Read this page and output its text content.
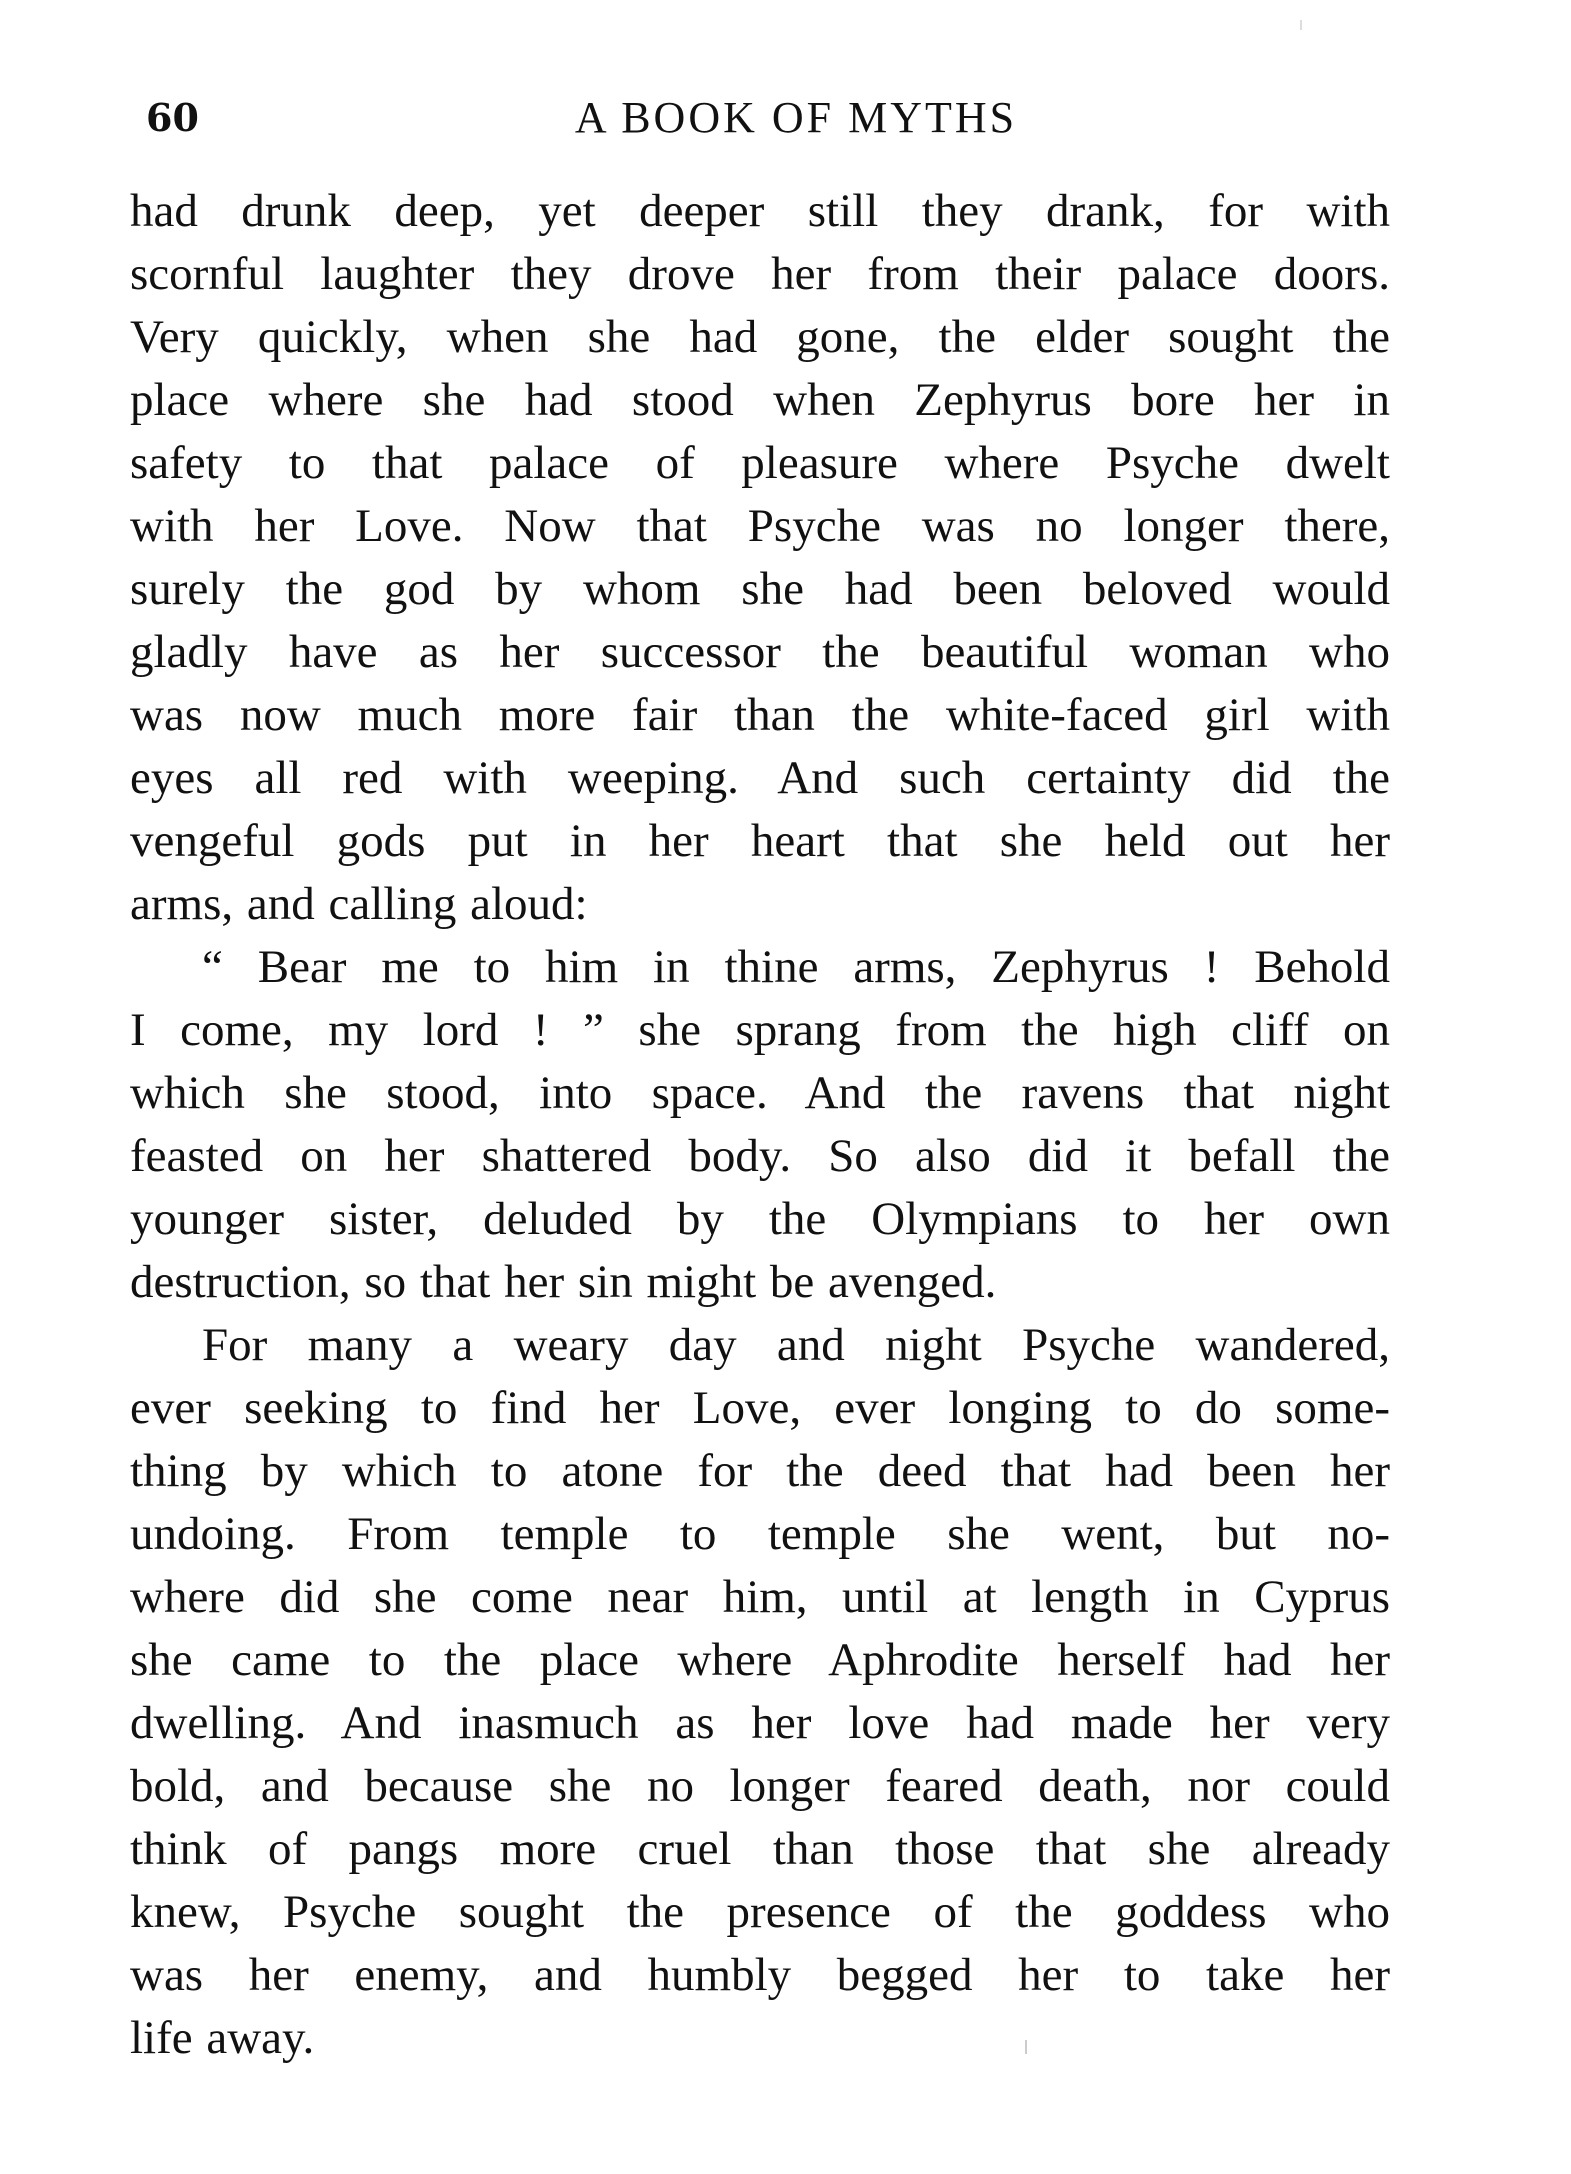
60	A BOOK OF MYTHS
had drunk deep, yet deeper still they drank, for with
scornful laughter they drove her from their palace doors.
Very quickly, when she had gone, the elder sought the
place where she had stood when Zephyrus bore her in
safety to that palace of pleasure where Psyche dwelt
with her Love. Now that Psyche was no longer there,
surely the god by whom she had been beloved would
gladly have as her successor the beautiful woman who
was now much more fair than the white-faced girl with
eyes all red with weeping. And such certainty did the
vengeful gods put in her heart that she held out her
arms, and calling aloud:
“ Bear me to him in thine arms, Zephyrus ! Behold
I come, my lord ! ” she sprang from the high cliff on
which she stood, into space. And the ravens that night
feasted on her shattered body. So also did it befall the
younger sister, deluded by the Olympians to her own
destruction, so that her sin might be avenged.
For many a weary day and night Psyche wandered,
ever seeking to find her Love, ever longing to do some-
thing by which to atone for the deed that had been her
undoing. From temple to temple she went, but no-
where did she come near him, until at length in Cyprus
she came to the place where Aphrodite herself had her
dwelling. And inasmuch as her love had made her very
bold, and because she no longer feared death, nor could
think of pangs more cruel than those that she already
knew, Psyche sought the presence of the goddess who
was her enemy, and humbly begged her to take her
life away.
